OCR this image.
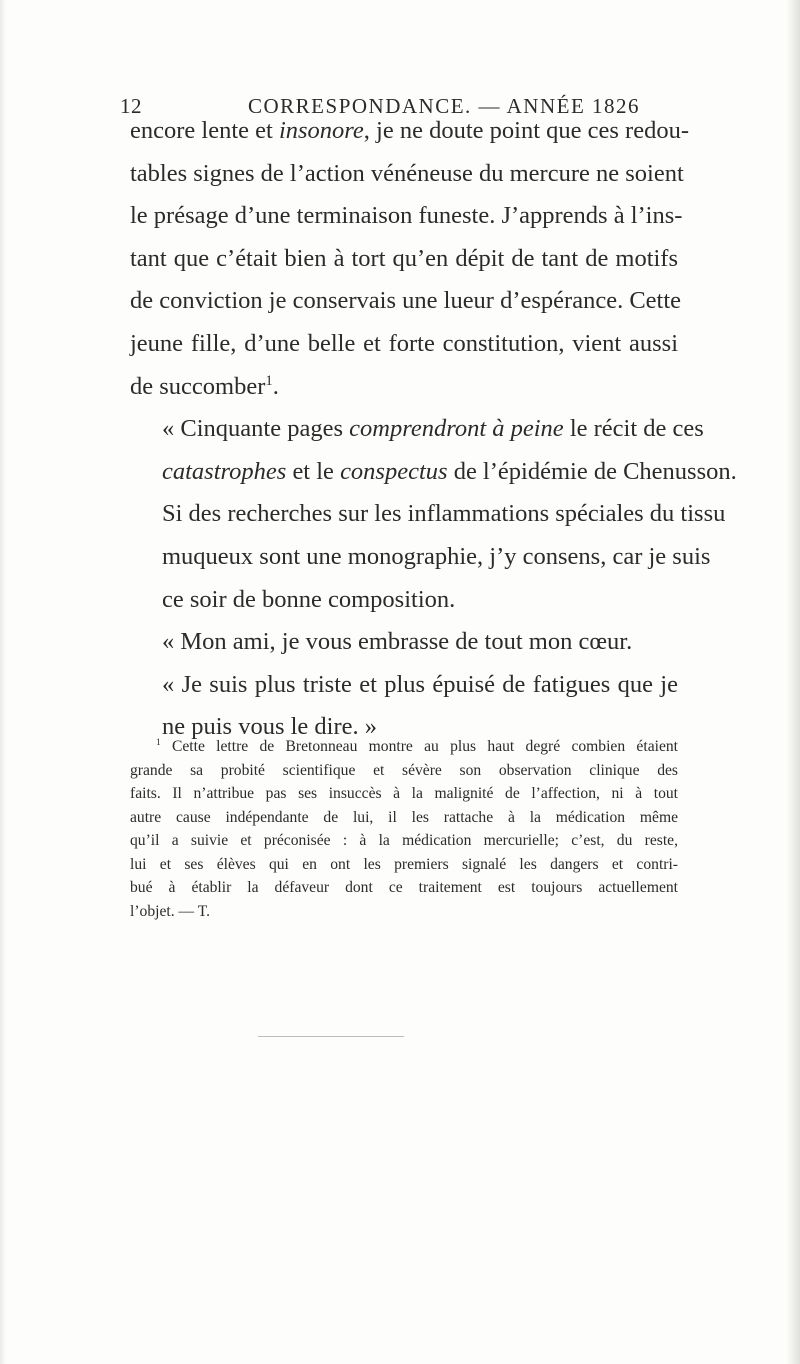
12	CORRESPONDANCE. — ANNÉE 1826

encore lente et insonore, je ne doute point que ces redou-
tables signes de l’action vénéneuse du mercure ne soient
le présage d’une terminaison funeste. J’apprends à l’ins-
tant que c’était bien à tort qu’en dépit de tant de motifs
de conviction je conservais une lueur d’espérance. Cette
jeune fille, d’une belle et forte constitution, vient aussi
de succomber$^1$.

« Cinquante pages comprendront à peine le récit de ces
catastrophes et le conspectus de l’épidémie de Chenusson.
Si des recherches sur les inflammations spéciales du tissu
muqueux sont une monographie, j’y consens, car je suis
ce soir de bonne composition.

« Mon ami, je vous embrasse de tout mon cœur.

« Je suis plus triste et plus épuisé de fatigues que je
ne puis vous le dire. »

$^1$ Cette lettre de Bretonneau montre au plus haut degré combien étaient
grande sa probité scientifique et sévère son observation clinique des
faits. Il n’attribue pas ses insuccès à la malignité de l’affection, ni à tout
autre cause indépendante de lui, il les rattache à la médication même
qu’il a suivie et préconisée : à la médication mercurielle; c’est, du reste,
lui et ses élèves qui en ont les premiers signalé les dangers et contri-
bué à établir la défaveur dont ce traitement est toujours actuellement
l’objet. — T.
